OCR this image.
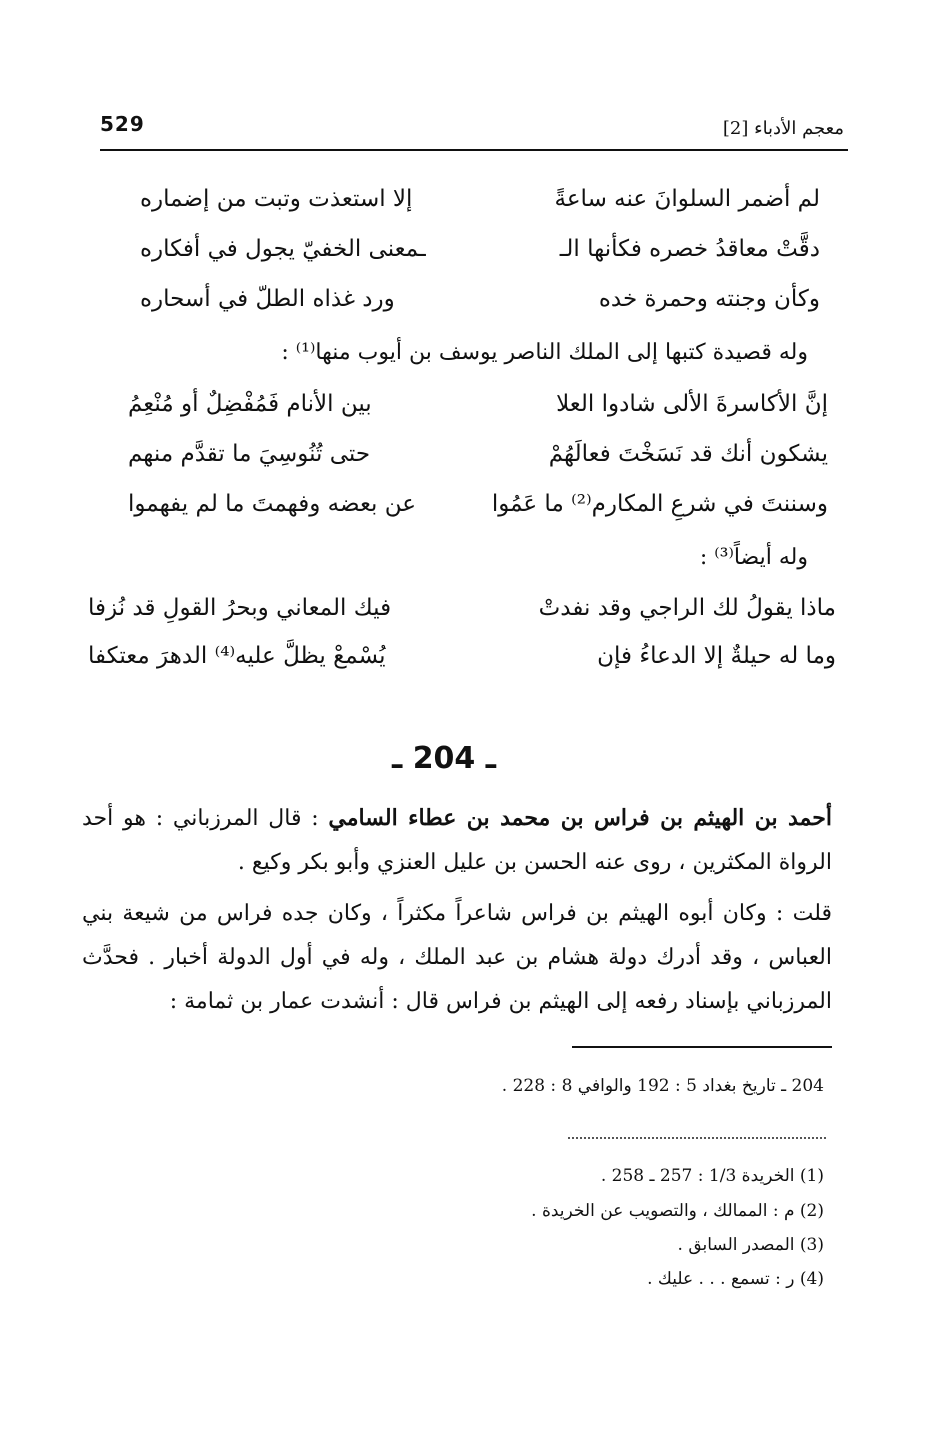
529	معجم الأدباء [2]
لم أضمر السلوانَ عنه ساعةً
إلا استعذت وتبت من إضماره
دقَّتْ معاقدُ خصره فكأنها الـ
ـمعنى الخفيّ يجول في أفكاره
وكأن وجنته وحمرة خده
ورد غذاه الطلّ في أسحاره
وله قصيدة كتبها إلى الملك الناصر يوسف بن أيوب منها⁽¹⁾ :
إنَّ الأكاسرةَ الألى شادوا العلا
بين الأنام فَمُفْضِلٌ أو مُنْعِمُ
يشكون أنك قد نَسَخْتَ فعالَهُمْ
حتى تُنُوسِيَ ما تقدَّم منهم
وسننتَ في شرعِ المكارم⁽²⁾ ما عَمُوا
عن بعضه وفهمتَ ما لم يفهموا
وله أيضاً⁽³⁾ :
ماذا يقولُ لك الراجي وقد نفدتْ
فيك المعاني وبحرُ القولِ قد نُزفا
وما له حيلةٌ إلا الدعاءُ فإن
يُسْمعْ يظلَّ عليه⁽⁴⁾ الدهرَ معتكفا
ـ 204 ـ
أحمد بن الهيثم بن فراس بن محمد بن عطاء السامي : قال المرزباني : هو أحد الرواة المكثرين ، روى عنه الحسن بن عليل العنزي وأبو بكر وكيع .
قلت : وكان أبوه الهيثم بن فراس شاعراً مكثراً ، وكان جده فراس من شيعة بني العباس ، وقد أدرك دولة هشام بن عبد الملك ، وله في أول الدولة أخبار . فحدَّث المرزباني بإسناد رفعه إلى الهيثم بن فراس قال : أنشدت عمار بن ثمامة :
204 ـ تاريخ بغداد 5 : 192 والوافي 8 : 228 .
(1) الخريدة 1/3 : 257 ـ 258 .
(2) م : الممالك ، والتصويب عن الخريدة .
(3) المصدر السابق .
(4) ر : تسمع . . . عليك .
